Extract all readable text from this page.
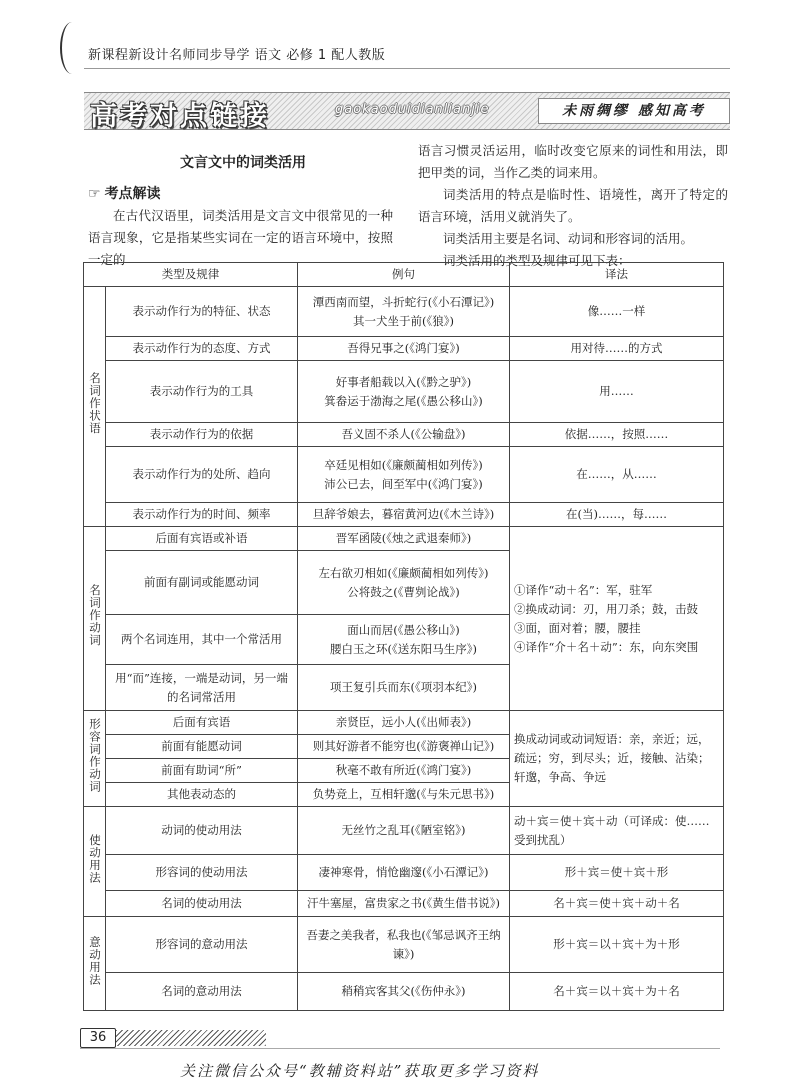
新课程新设计名师同步导学 语文 必修 1 配人教版
高考对点链接	gaokaoduidianlianjie	未雨绸缪 感知高考
文言文中的词类活用
☞ 考点解读
在古代汉语里，词类活用是文言文中很常见的一种语言现象，它是指某些实词在一定的语言环境中，按照一定的

语言习惯灵活运用，临时改变它原来的词性和用法，即把甲类的词，当作乙类的词来用。

词类活用的特点是临时性、语境性，离开了特定的语言环境，活用义就消失了。

词类活用主要是名词、动词和形容词的活用。

词类活用的类型及规律可见下表：

类型及规律		例句	译法
名词作状语	表示动作行为的特征、状态	潭西南而望，斗折蛇行(《小石潭记》)
其一犬坐于前(《狼》)	像……一样
	表示动作行为的态度、方式	吾得兄事之(《鸿门宴》)	用对待……的方式
	表示动作行为的工具	好事者船载以入(《黔之驴》)
箕畚运于渤海之尾(《愚公移山》)	用……
	表示动作行为的依据	吾义固不杀人(《公输盘》)	依据……，按照……
	表示动作行为的处所、趋向	卒廷见相如(《廉颇蔺相如列传》)
沛公已去，间至军中(《鸿门宴》)	在……，从……
	表示动作行为的时间、频率	旦辞爷娘去，暮宿黄河边(《木兰诗》)	在(当)……，每……
名词作动词	后面有宾语或补语	晋军函陵(《烛之武退秦师》)	①译作“动＋名”：军，驻军
②换成动词：刃，用刀杀；鼓，击鼓
③面，面对着；腰，腰挂
④译作“介＋名＋动”：东，向东突围

	前面有副词或能愿动词	左右欲刃相如(《廉颇蔺相如列传》)
公将鼓之(《曹刿论战》)	

	两个名词连用，其中一个常活用	面山而居(《愚公移山》)
腰白玉之环(《送东阳马生序》)	

	用“而”连接，一端是动词，另一端的名词常活用	项王复引兵而东(《项羽本纪》)	
形容词作动词	后面有宾语	亲贤臣，远小人(《出师表》)	换成动词或动词短语：亲，亲近；远，疏远；穷，到尽头；近，接触、沾染；轩邈，争高、争远
	前面有能愿动词	则其好游者不能穷也(《游褒禅山记》)	
	前面有助词“所”	秋毫不敢有所近(《鸿门宴》)	
	其他表动态的	负势竞上，互相轩邈(《与朱元思书》)	
使动用法	动词的使动用法	无丝竹之乱耳(《陋室铭》)	动＋宾＝使＋宾＋动（可译成：使……受到扰乱）
	形容词的使动用法	凄神寒骨，悄怆幽邃(《小石潭记》)	形＋宾＝使＋宾＋形
	名词的使动用法	汗牛塞屋，富贵家之书(《黄生借书说》)	名＋宾＝使＋宾＋动＋名
意动用法	形容词的意动用法	吾妻之美我者，私我也(《邹忌讽齐王纳谏》)	形＋宾＝以＋宾＋为＋形
	名词的意动用法	稍稍宾客其父(《伤仲永》)	名＋宾＝以＋宾＋为＋名
36
关注微信公众号“教辅资料站”获取更多学习资料
